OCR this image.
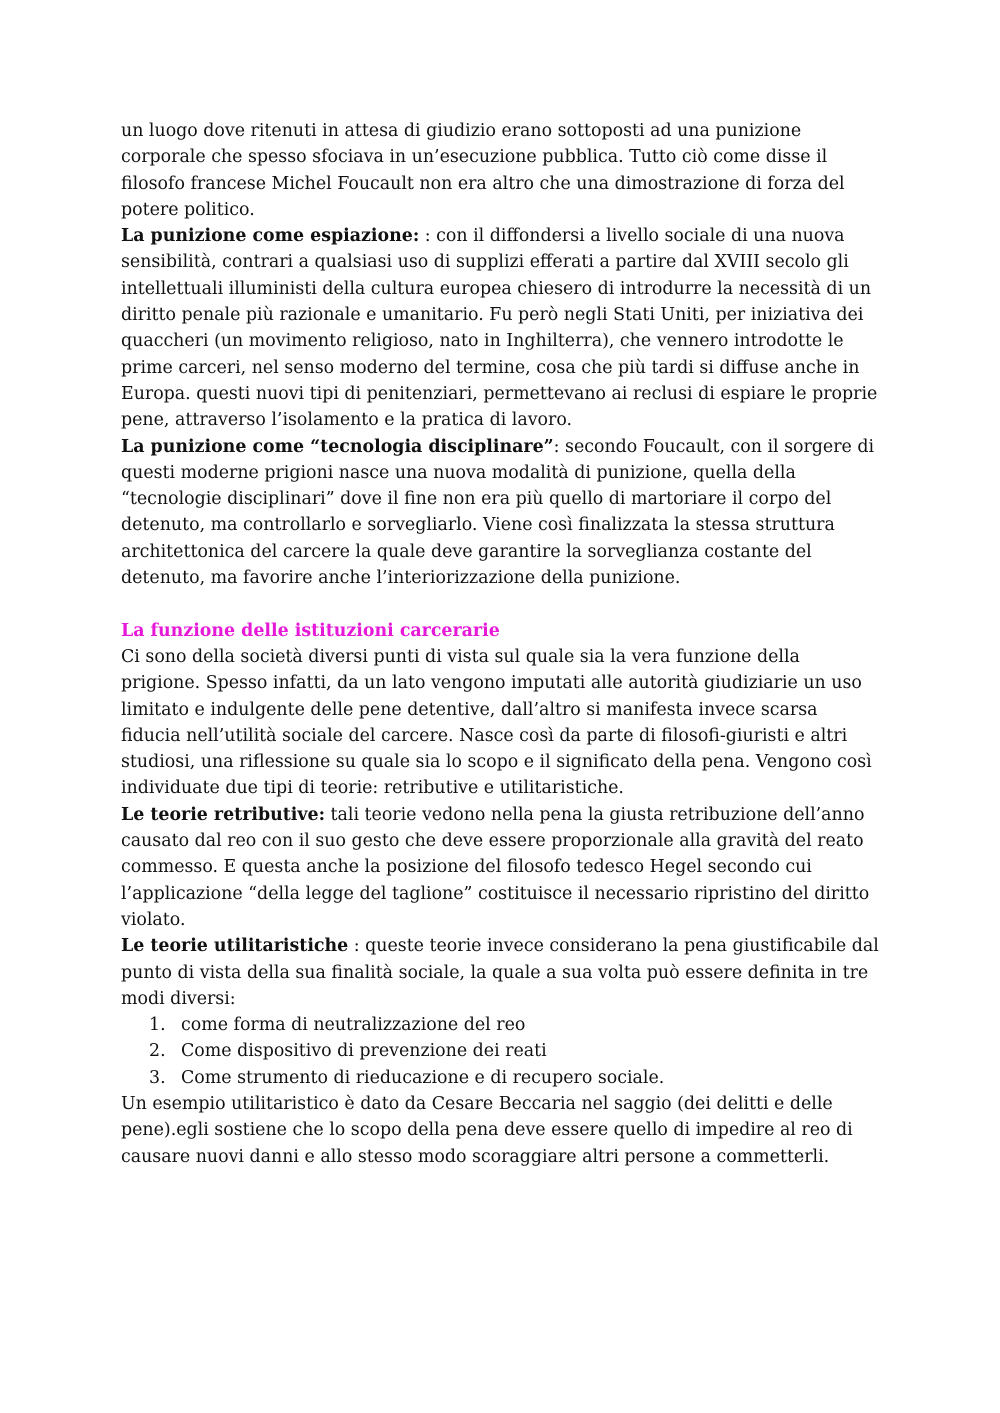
un luogo dove ritenuti in attesa di giudizio erano sottoposti ad una punizione corporale che spesso sfociava in un’esecuzione pubblica. Tutto ciò come disse il filosofo francese Michel Foucault non era altro che una dimostrazione di forza del potere politico.

La punizione come espiazione: : con il diffondersi a livello sociale di una nuova sensibilità, contrari a qualsiasi uso di supplizi efferati a partire dal XVIII secolo gli intellettuali illuministi della cultura europea chiesero di introdurre la necessità di un diritto penale più razionale e umanitario. Fu però negli Stati Uniti, per iniziativa dei quaccheri (un movimento religioso, nato in Inghilterra), che vennero introdotte le prime carceri, nel senso moderno del termine, cosa che più tardi si diffuse anche in Europa. questi nuovi tipi di penitenziari, permettevano ai reclusi di espiare le proprie pene, attraverso l’isolamento e la pratica di lavoro.

La punizione come “tecnologia disciplinare”: secondo Foucault, con il sorgere di questi moderne prigioni nasce una nuova modalità di punizione, quella della “tecnologie disciplinari” dove il fine non era più quello di martoriare il corpo del detenuto, ma controllarlo e sorvegliarlo. Viene così finalizzata la stessa struttura architettonica del carcere la quale deve garantire la sorveglianza costante del detenuto, ma favorire anche l’interiorizzazione della punizione.

La funzione delle istituzioni carcerarie

Ci sono della società diversi punti di vista sul quale sia la vera funzione della prigione. Spesso infatti, da un lato vengono imputati alle autorità giudiziarie un uso limitato e indulgente delle pene detentive, dall’altro si manifesta invece scarsa fiducia nell’utilità sociale del carcere. Nasce così da parte di filosofi-giuristi e altri studiosi, una riflessione su quale sia lo scopo e il significato della pena. Vengono così individuate due tipi di teorie: retributive e utilitaristiche.

Le teorie retributive: tali teorie vedono nella pena la giusta retribuzione dell’anno causato dal reo con il suo gesto che deve essere proporzionale alla gravità del reato commesso. E questa anche la posizione del filosofo tedesco Hegel secondo cui l’applicazione “della legge del taglione” costituisce il necessario ripristino del diritto violato.

Le teorie utilitaristiche : queste teorie invece considerano la pena giustificabile dal punto di vista della sua finalità sociale, la quale a sua volta può essere definita in tre modi diversi:

1. come forma di neutralizzazione del reo
2. Come dispositivo di prevenzione dei reati
3. Come strumento di rieducazione e di recupero sociale.

Un esempio utilitaristico è dato da Cesare Beccaria nel saggio (dei delitti e delle pene).egli sostiene che lo scopo della pena deve essere quello di impedire al reo di causare nuovi danni e allo stesso modo scoraggiare altri persone a commetterli.
